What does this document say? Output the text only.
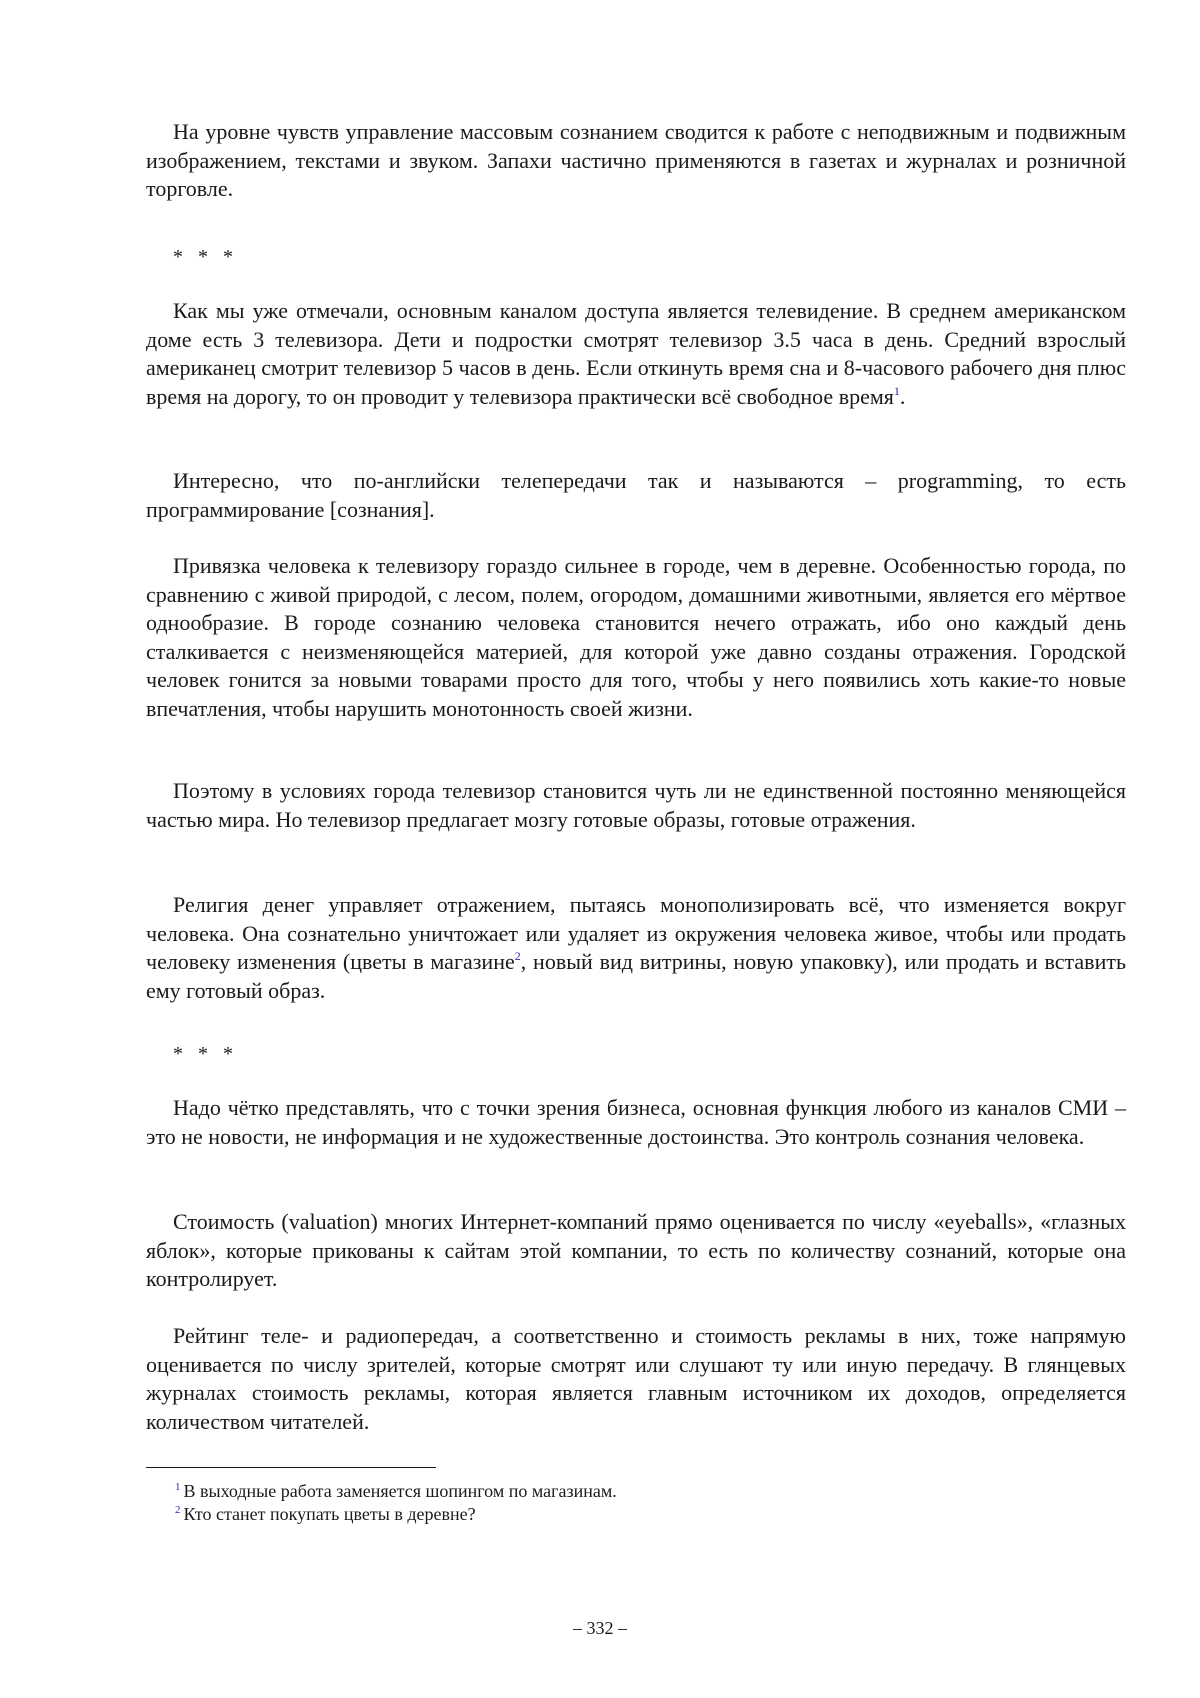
На уровне чувств управление массовым сознанием сводится к работе с неподвижным и подвижным изображением, текстами и звуком. Запахи частично применяются в газетах и журналах и розничной торговле.

* * *

Как мы уже отмечали, основным каналом доступа является телевидение. В среднем американском доме есть 3 телевизора. Дети и подростки смотрят телевизор 3.5 часа в день. Средний взрослый американец смотрит телевизор 5 часов в день. Если откинуть время сна и 8-часового рабочего дня плюс время на дорогу, то он проводит у телевизора практически всё свободное время$^1$.

Интересно, что по-английски телепередачи так и называются – programming, то есть программирование [сознания].

Привязка человека к телевизору гораздо сильнее в городе, чем в деревне. Особенностью города, по сравнению с живой природой, с лесом, полем, огородом, домашними животными, является его мёртвое однообразие. В городе сознанию человека становится нечего отражать, ибо оно каждый день сталкивается с неизменяющейся материей, для которой уже давно созданы отражения. Городской человек гонится за новыми товарами просто для того, чтобы у него появились хоть какие-то новые впечатления, чтобы нарушить монотонность своей жизни.

Поэтому в условиях города телевизор становится чуть ли не единственной постоянно меняющейся частью мира. Но телевизор предлагает мозгу готовые образы, готовые отражения.

Религия денег управляет отражением, пытаясь монополизировать всё, что изменяется вокруг человека. Она сознательно уничтожает или удаляет из окружения человека живое, чтобы или продать человеку изменения (цветы в магазине$^2$, новый вид витрины, новую упаковку), или продать и вставить ему готовый образ.

* * *

Надо чётко представлять, что с точки зрения бизнеса, основная функция любого из каналов СМИ – это не новости, не информация и не художественные достоинства. Это контроль сознания человека.

Стоимость (valuation) многих Интернет-компаний прямо оценивается по числу «eyeballs», «глазных яблок», которые прикованы к сайтам этой компании, то есть по количеству сознаний, которые она контролирует.

Рейтинг теле- и радиопередач, а соответственно и стоимость рекламы в них, тоже напрямую оценивается по числу зрителей, которые смотрят или слушают ту или иную передачу. В глянцевых журналах стоимость рекламы, которая является главным источником их доходов, определяется количеством читателей.

$^1$ В выходные работа заменяется шопингом по магазинам.

$^2$ Кто станет покупать цветы в деревне?

– 332 –
